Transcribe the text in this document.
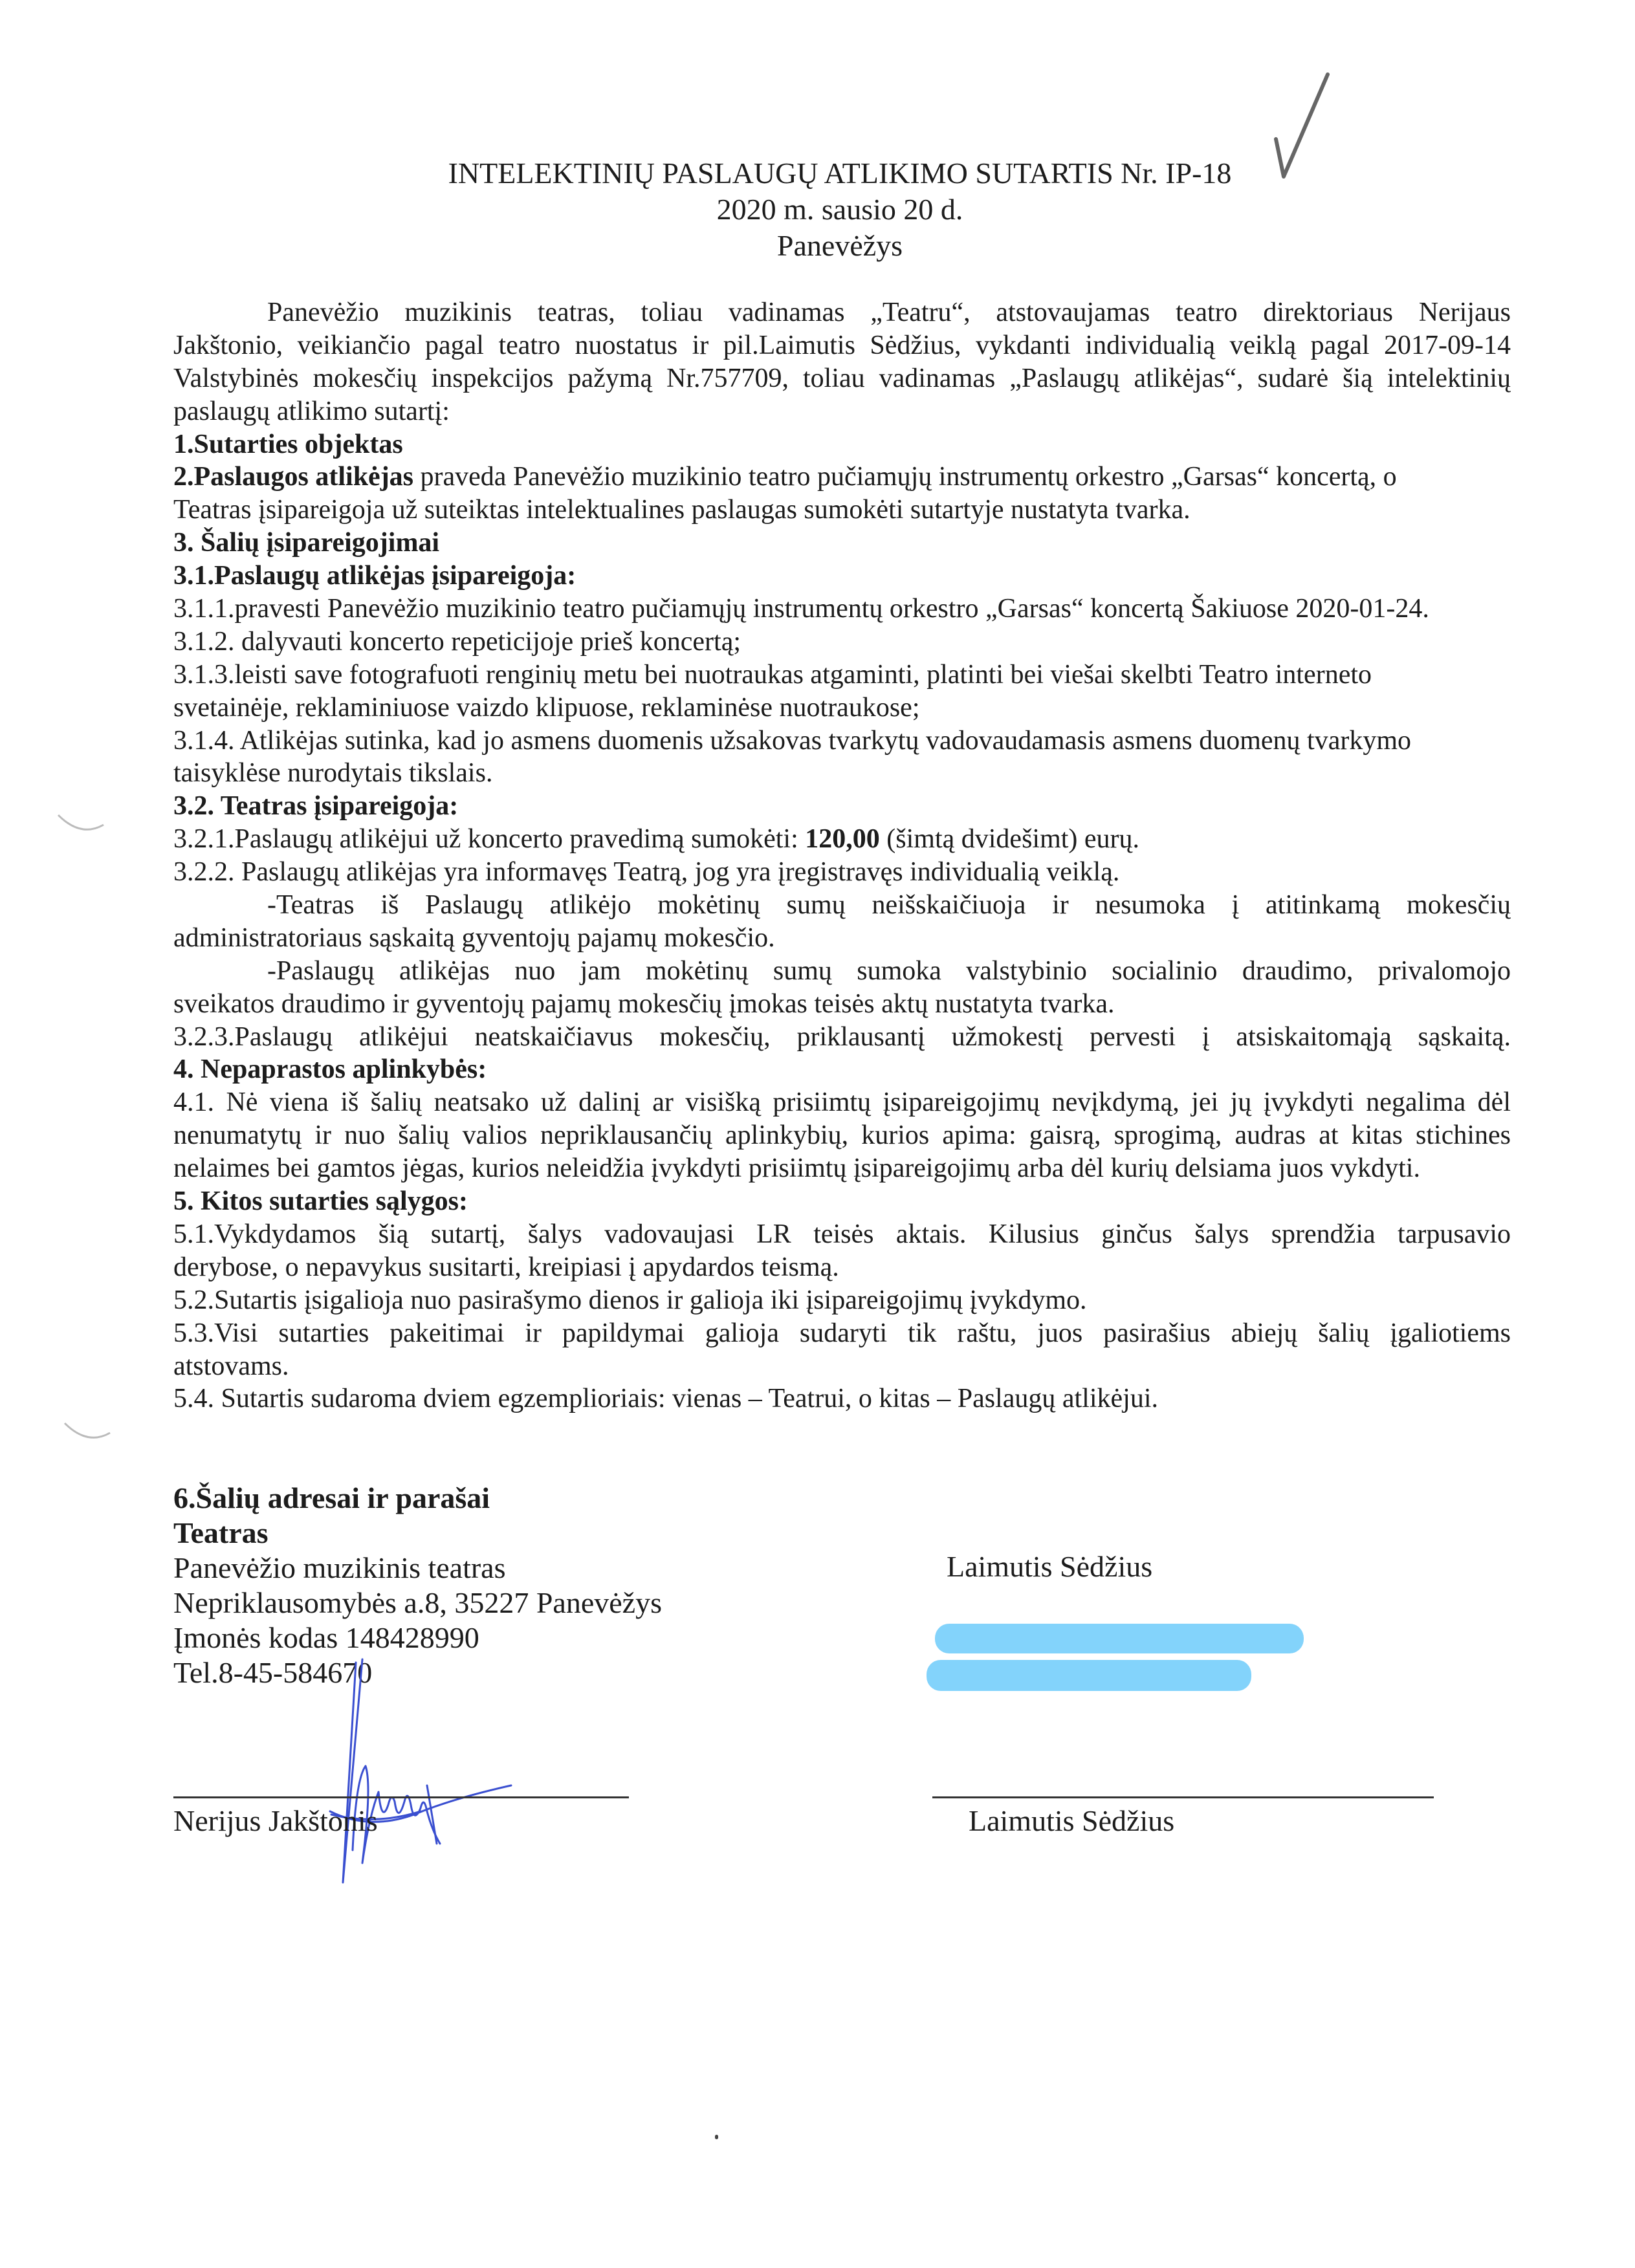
INTELEKTINIŲ PASLAUGŲ ATLIKIMO SUTARTIS Nr. IP-18
2020 m. sausio 20 d.
Panevėžys
Panevėžio muzikinis teatras, toliau vadinamas „Teatru“, atstovaujamas teatro direktoriaus Nerijaus
Jakštonio, veikiančio pagal teatro nuostatus ir pil.Laimutis Sėdžius, vykdanti individualią veiklą pagal 2017-09-14
Valstybinės mokesčių inspekcijos pažymą Nr.757709, toliau vadinamas „Paslaugų atlikėjas“, sudarė šią intelektinių
paslaugų atlikimo sutartį:
1.Sutarties objektas
2.Paslaugos atlikėjas praveda Panevėžio muzikinio teatro pučiamųjų instrumentų orkestro „Garsas“ koncertą, o
Teatras įsipareigoja už suteiktas intelektualines paslaugas sumokėti sutartyje nustatyta tvarka.
3. Šalių įsipareigojimai
3.1.Paslaugų atlikėjas įsipareigoja:
3.1.1.pravesti Panevėžio muzikinio teatro pučiamųjų instrumentų orkestro „Garsas“ koncertą Šakiuose 2020-01-24.
3.1.2. dalyvauti koncerto repeticijoje prieš koncertą;
3.1.3.leisti save fotografuoti renginių metu bei nuotraukas atgaminti, platinti bei viešai skelbti Teatro interneto
svetainėje, reklaminiuose vaizdo klipuose, reklaminėse nuotraukose;
3.1.4. Atlikėjas sutinka, kad jo asmens duomenis užsakovas tvarkytų vadovaudamasis asmens duomenų tvarkymo
taisyklėse nurodytais tikslais.
3.2. Teatras įsipareigoja:
3.2.1.Paslaugų atlikėjui už koncerto pravedimą sumokėti: 120,00 (šimtą dvidešimt) eurų.
3.2.2. Paslaugų atlikėjas yra informavęs Teatrą, jog yra įregistravęs individualią veiklą.
-Teatras iš Paslaugų atlikėjo mokėtinų sumų neišskaičiuoja ir nesumoka į atitinkamą mokesčių
administratoriaus sąskaitą gyventojų pajamų mokesčio.
-Paslaugų atlikėjas nuo jam mokėtinų sumų sumoka valstybinio socialinio draudimo, privalomojo
sveikatos draudimo ir gyventojų pajamų mokesčių įmokas teisės aktų nustatyta tvarka.
3.2.3.Paslaugų atlikėjui neatskaičiavus mokesčių, priklausantį užmokestį pervesti į atsiskaitomąją sąskaitą.
4. Nepaprastos aplinkybės:
4.1. Nė viena iš šalių neatsako už dalinį ar visišką prisiimtų įsipareigojimų nevįkdymą, jei jų įvykdyti negalima dėl
nenumatytų ir nuo šalių valios nepriklausančių aplinkybių, kurios apima: gaisrą, sprogimą, audras at kitas stichines
nelaimes bei gamtos jėgas, kurios neleidžia įvykdyti prisiimtų įsipareigojimų arba dėl kurių delsiama juos vykdyti.
5. Kitos sutarties sąlygos:
5.1.Vykdydamos šią sutartį, šalys vadovaujasi LR teisės aktais. Kilusius ginčus šalys sprendžia tarpusavio
derybose, o nepavykus susitarti, kreipiasi į apydardos teismą.
5.2.Sutartis įsigalioja nuo pasirašymo dienos ir galioja iki įsipareigojimų įvykdymo.
5.3.Visi sutarties pakeitimai ir papildymai galioja sudaryti tik raštu, juos pasirašius abiejų šalių įgaliotiems
atstovams.
5.4. Sutartis sudaroma dviem egzemplioriais: vienas – Teatrui, o kitas – Paslaugų atlikėjui.
6.Šalių adresai ir parašai
Teatras
Panevėžio muzikinis teatras
Nepriklausomybės a.8, 35227 Panevėžys
Įmonės kodas 148428990
Tel.8-45-584670
Laimutis Sėdžius
Nerijus Jakštonis	Laimutis Sėdžius
